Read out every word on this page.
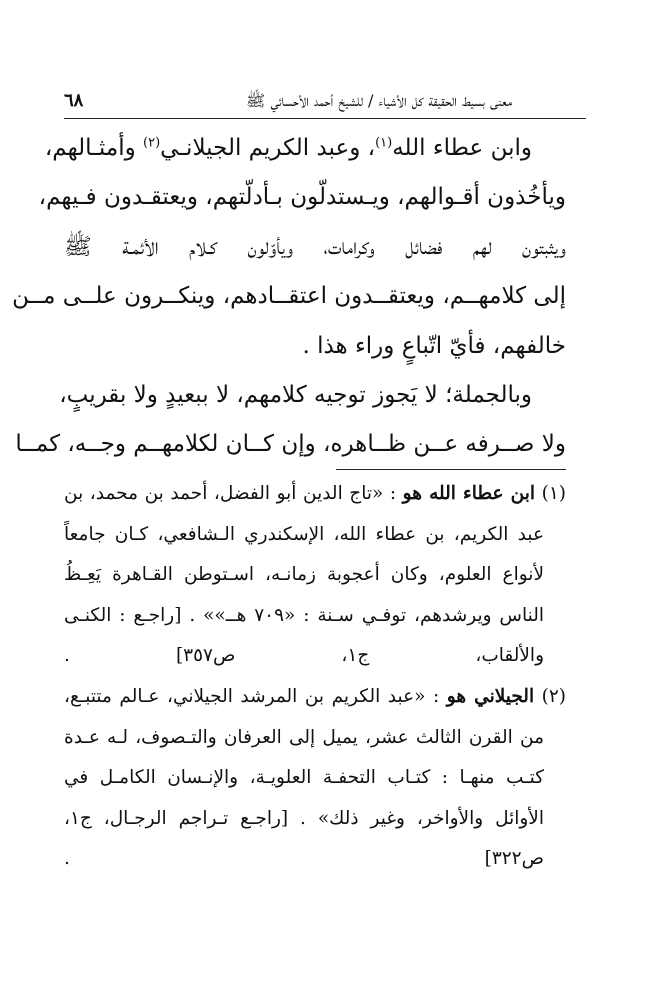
معنى بسيط الحقيقة كل الأشياء / للشيخ أحمد الأحسائي ﷺ
٦٨
وابن عطاء الله$^{(١)}$، وعبد الكريم الجيلانـي$^{(٢)}$ وأمثـالهم،
ويأخُذون أقـوالهم، ويـستدلّون بـأدلّتهم، ويعتقـدون فـيهم،
ويثبتون لهم فضائل وكرامات، ويأوّلون كـلام الأئمـة ﷺ
إلى كلامهــم، ويعتقــدون اعتقــادهم، وينكــرون علــى مــن
خالفهم، فأيّ اتّباعٍ وراء هذا .
وبالجملة؛ لا يَجوز توجيه كلامهم، لا ببعيدٍ ولا بقريبٍ،
ولا صــرفه عــن ظــاهره، وإن كــان لكلامهــم وجــه، كمــا
(١) ابن عطاء الله هو : «تاج الدين أبو الفضل، أحمد بن محمد، بن
عبد الكريم، بن عطاء الله، الإسكندري الـشافعي، كـان جامعاً
لأنواع العلوم، وكان أعجوبة زمانـه، اسـتوطن القـاهرة يَعِـظُ
الناس ويرشدهم، توفـي سـنة : «٧٠٩ هــ»» . [راجـع : الكنـى
والألقاب، ج١، ص٣٥٧] .
(٢) الجيلاني هو : «عبد الكريم بن المرشد الجيلاني، عـالم متتبـع،
من القرن الثالث عشر، يميل إلى العرفان والتـصوف، لـه عـدة
كتـب منهـا : كتـاب التحفـة العلويـة، والإنـسان الكامـل في
الأوائل والأواخر، وغير ذلك» . [راجـع تـراجم الرجـال، ج١،
ص٣٢٢] .
